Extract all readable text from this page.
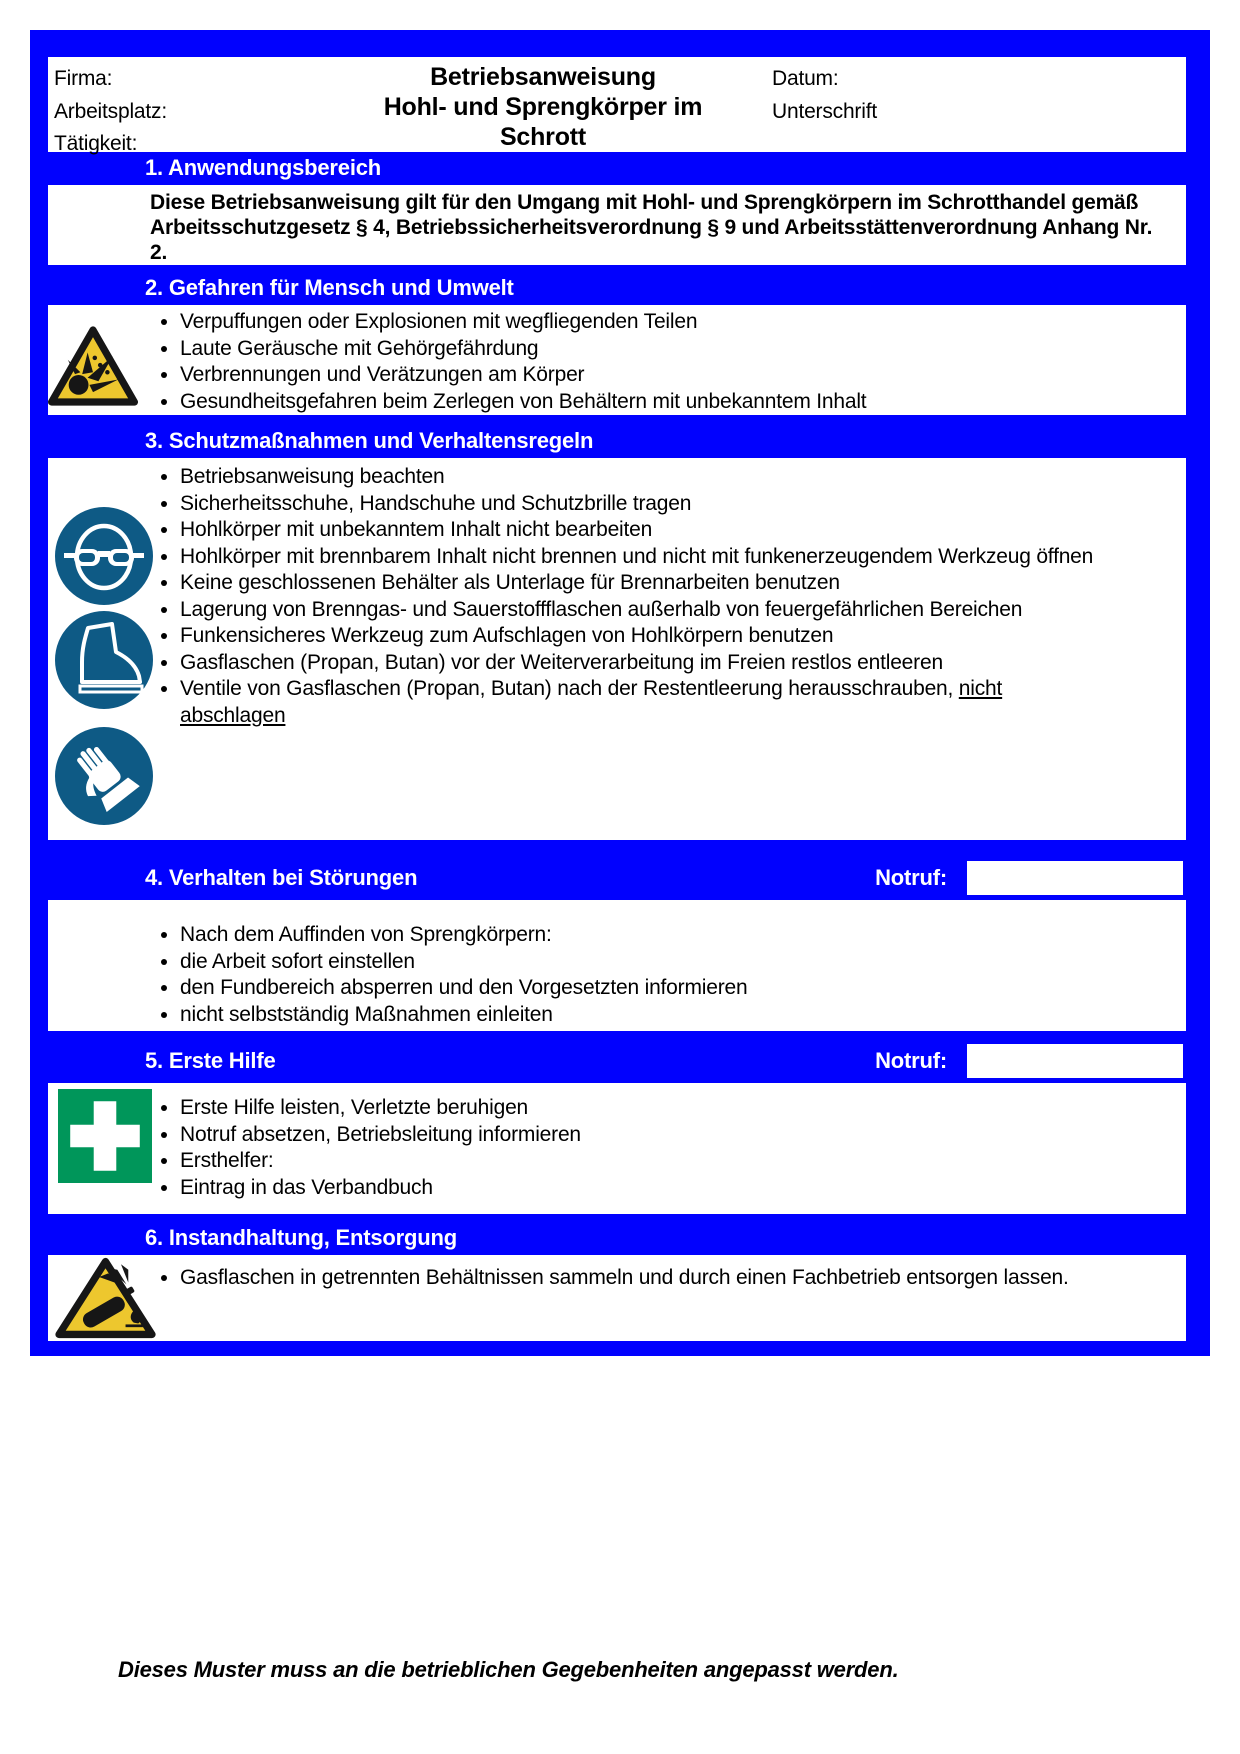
Firma:
Arbeitsplatz:
Tätigkeit:
Betriebsanweisung
Hohl- und Sprengkörper im
Schrott
Datum:
Unterschrift
1. Anwendungsbereich
Diese Betriebsanweisung gilt für den Umgang mit Hohl- und Sprengkörpern im Schrotthandel gemäß Arbeitsschutzgesetz § 4, Betriebssicherheitsverordnung § 9 und Arbeitsstättenverordnung Anhang Nr. 2.
2. Gefahren für Mensch und Umwelt
• Verpuffungen oder Explosionen mit wegfliegenden Teilen
• Laute Geräusche mit Gehörgefährdung
• Verbrennungen und Verätzungen am Körper
• Gesundheitsgefahren beim Zerlegen von Behältern mit unbekanntem Inhalt
3. Schutzmaßnahmen und Verhaltensregeln
• Betriebsanweisung beachten
• Sicherheitsschuhe, Handschuhe und Schutzbrille tragen
• Hohlkörper mit unbekanntem Inhalt nicht bearbeiten
• Hohlkörper mit brennbarem Inhalt nicht brennen und nicht mit funkenerzeugendem Werkzeug öffnen
• Keine geschlossenen Behälter als Unterlage für Brennarbeiten benutzen
• Lagerung von Brenngas- und Sauerstoffflaschen außerhalb von feuergefährlichen Bereichen
• Funkensicheres Werkzeug zum Aufschlagen von Hohlkörpern benutzen
• Gasflaschen (Propan, Butan) vor der Weiterverarbeitung im Freien restlos entleeren
• Ventile von Gasflaschen (Propan, Butan) nach der Restentleerung herausschrauben, nicht abschlagen
4. Verhalten bei Störungen	Notruf:
• Nach dem Auffinden von Sprengkörpern:
• die Arbeit sofort einstellen
• den Fundbereich absperren und den Vorgesetzten informieren
• nicht selbstständig Maßnahmen einleiten
5. Erste Hilfe	Notruf:
• Erste Hilfe leisten, Verletzte beruhigen
• Notruf absetzen, Betriebsleitung informieren
• Ersthelfer:
• Eintrag in das Verbandbuch
6. Instandhaltung, Entsorgung
• Gasflaschen in getrennten Behältnissen sammeln und durch einen Fachbetrieb entsorgen lassen.
Dieses Muster muss an die betrieblichen Gegebenheiten angepasst werden.
